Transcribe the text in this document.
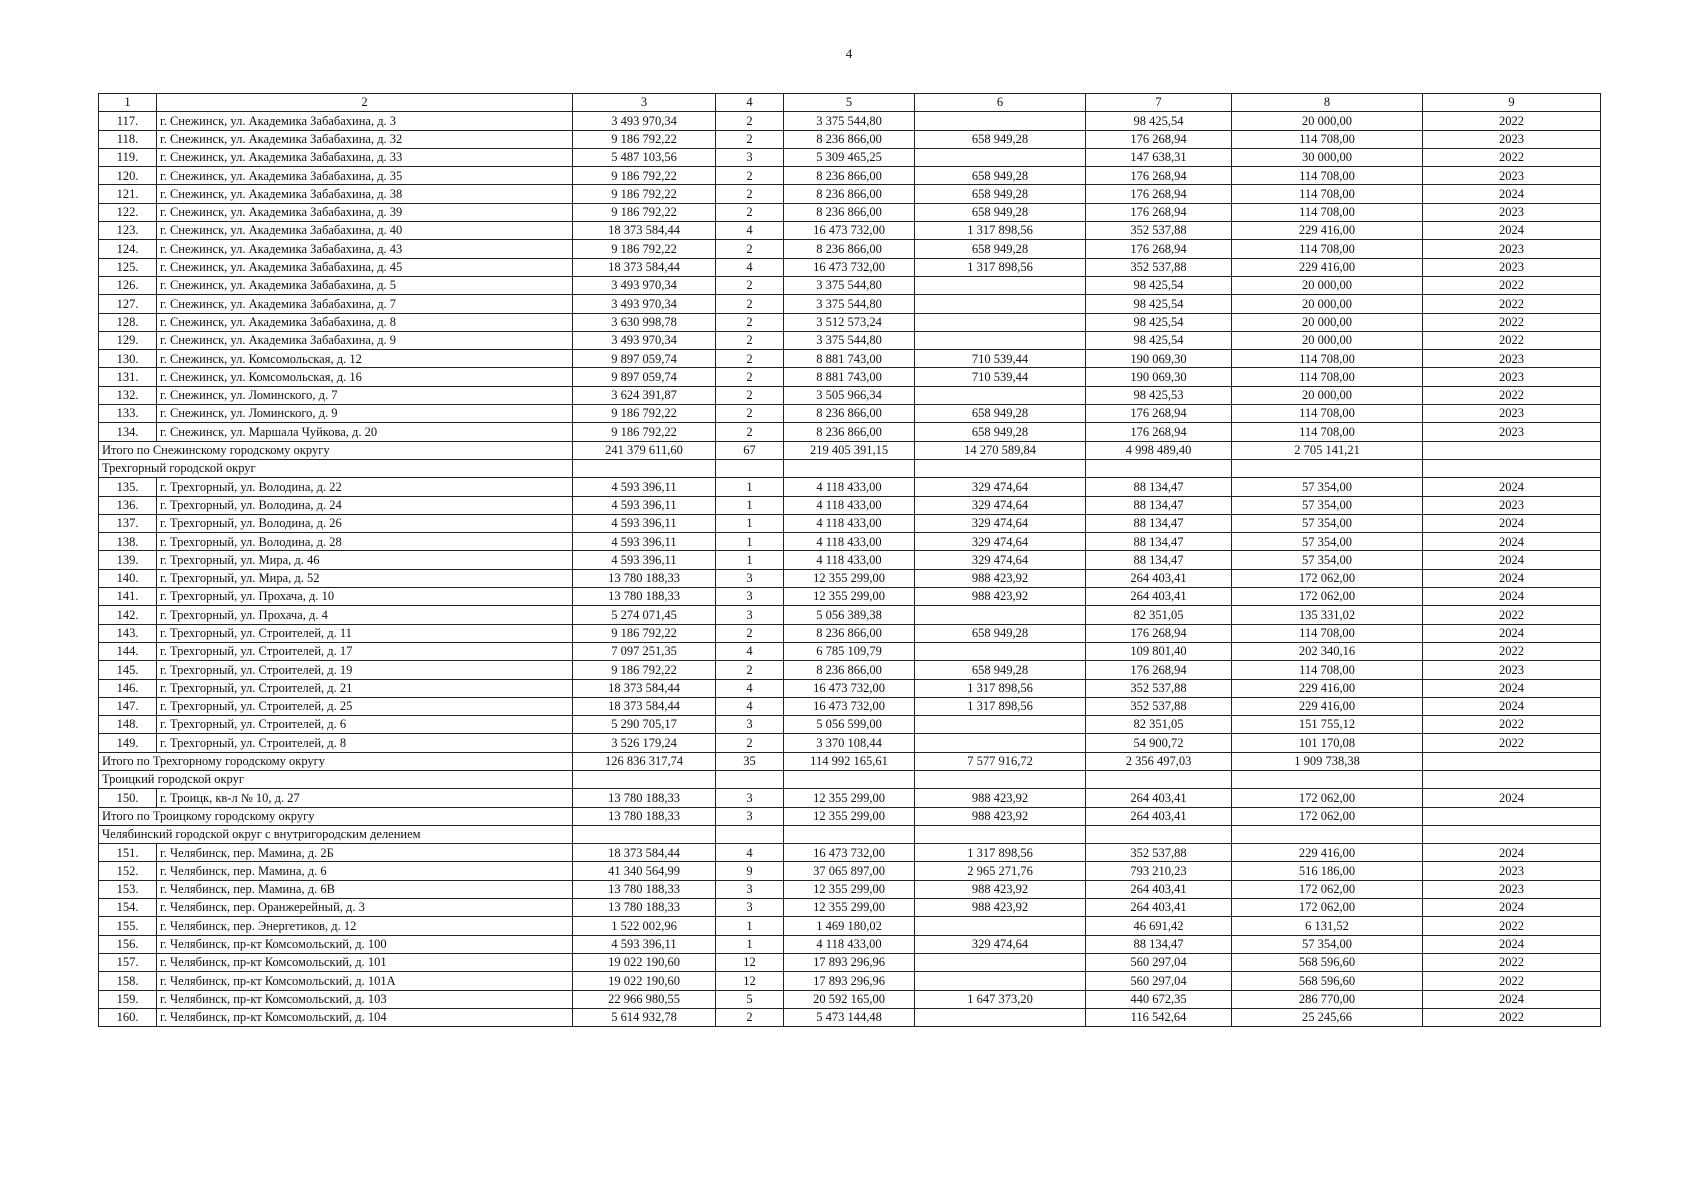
4
1	2	3	4	5	6	7	8	9
117.	г. Снежинск, ул. Академика Забабахина, д. 3	3 493 970,34	2	3 375 544,80		98 425,54	20 000,00	2022
118.	г. Снежинск, ул. Академика Забабахина, д. 32	9 186 792,22	2	8 236 866,00	658 949,28	176 268,94	114 708,00	2023
119.	г. Снежинск, ул. Академика Забабахина, д. 33	5 487 103,56	3	5 309 465,25		147 638,31	30 000,00	2022
120.	г. Снежинск, ул. Академика Забабахина, д. 35	9 186 792,22	2	8 236 866,00	658 949,28	176 268,94	114 708,00	2023
121.	г. Снежинск, ул. Академика Забабахина, д. 38	9 186 792,22	2	8 236 866,00	658 949,28	176 268,94	114 708,00	2024
122.	г. Снежинск, ул. Академика Забабахина, д. 39	9 186 792,22	2	8 236 866,00	658 949,28	176 268,94	114 708,00	2023
123.	г. Снежинск, ул. Академика Забабахина, д. 40	18 373 584,44	4	16 473 732,00	1 317 898,56	352 537,88	229 416,00	2024
124.	г. Снежинск, ул. Академика Забабахина, д. 43	9 186 792,22	2	8 236 866,00	658 949,28	176 268,94	114 708,00	2023
125.	г. Снежинск, ул. Академика Забабахина, д. 45	18 373 584,44	4	16 473 732,00	1 317 898,56	352 537,88	229 416,00	2023
126.	г. Снежинск, ул. Академика Забабахина, д. 5	3 493 970,34	2	3 375 544,80		98 425,54	20 000,00	2022
127.	г. Снежинск, ул. Академика Забабахина, д. 7	3 493 970,34	2	3 375 544,80		98 425,54	20 000,00	2022
128.	г. Снежинск, ул. Академика Забабахина, д. 8	3 630 998,78	2	3 512 573,24		98 425,54	20 000,00	2022
129.	г. Снежинск, ул. Академика Забабахина, д. 9	3 493 970,34	2	3 375 544,80		98 425,54	20 000,00	2022
130.	г. Снежинск, ул. Комсомольская, д. 12	9 897 059,74	2	8 881 743,00	710 539,44	190 069,30	114 708,00	2023
131.	г. Снежинск, ул. Комсомольская, д. 16	9 897 059,74	2	8 881 743,00	710 539,44	190 069,30	114 708,00	2023
132.	г. Снежинск, ул. Ломинского, д. 7	3 624 391,87	2	3 505 966,34		98 425,53	20 000,00	2022
133.	г. Снежинск, ул. Ломинского, д. 9	9 186 792,22	2	8 236 866,00	658 949,28	176 268,94	114 708,00	2023
134.	г. Снежинск, ул. Маршала Чуйкова, д. 20	9 186 792,22	2	8 236 866,00	658 949,28	176 268,94	114 708,00	2023
Итого по Снежинскому городскому округу		241 379 611,60	67	219 405 391,15	14 270 589,84	4 998 489,40	2 705 141,21	
Трехгорный городской округ								
135.	г. Трехгорный, ул. Володина, д. 22	4 593 396,11	1	4 118 433,00	329 474,64	88 134,47	57 354,00	2024
136.	г. Трехгорный, ул. Володина, д. 24	4 593 396,11	1	4 118 433,00	329 474,64	88 134,47	57 354,00	2023
137.	г. Трехгорный, ул. Володина, д. 26	4 593 396,11	1	4 118 433,00	329 474,64	88 134,47	57 354,00	2024
138.	г. Трехгорный, ул. Володина, д. 28	4 593 396,11	1	4 118 433,00	329 474,64	88 134,47	57 354,00	2024
139.	г. Трехгорный, ул. Мира, д. 46	4 593 396,11	1	4 118 433,00	329 474,64	88 134,47	57 354,00	2024
140.	г. Трехгорный, ул. Мира, д. 52	13 780 188,33	3	12 355 299,00	988 423,92	264 403,41	172 062,00	2024
141.	г. Трехгорный, ул. Прохача, д. 10	13 780 188,33	3	12 355 299,00	988 423,92	264 403,41	172 062,00	2024
142.	г. Трехгорный, ул. Прохача, д. 4	5 274 071,45	3	5 056 389,38		82 351,05	135 331,02	2022
143.	г. Трехгорный, ул. Строителей, д. 11	9 186 792,22	2	8 236 866,00	658 949,28	176 268,94	114 708,00	2024
144.	г. Трехгорный, ул. Строителей, д. 17	7 097 251,35	4	6 785 109,79		109 801,40	202 340,16	2022
145.	г. Трехгорный, ул. Строителей, д. 19	9 186 792,22	2	8 236 866,00	658 949,28	176 268,94	114 708,00	2023
146.	г. Трехгорный, ул. Строителей, д. 21	18 373 584,44	4	16 473 732,00	1 317 898,56	352 537,88	229 416,00	2024
147.	г. Трехгорный, ул. Строителей, д. 25	18 373 584,44	4	16 473 732,00	1 317 898,56	352 537,88	229 416,00	2024
148.	г. Трехгорный, ул. Строителей, д. 6	5 290 705,17	3	5 056 599,00		82 351,05	151 755,12	2022
149.	г. Трехгорный, ул. Строителей, д. 8	3 526 179,24	2	3 370 108,44		54 900,72	101 170,08	2022
Итого по Трехгорному городскому округу		126 836 317,74	35	114 992 165,61	7 577 916,72	2 356 497,03	1 909 738,38	
Троицкий городской округ								
150.	г. Троицк, кв-л № 10, д. 27	13 780 188,33	3	12 355 299,00	988 423,92	264 403,41	172 062,00	2024
Итого по Троицкому городскому округу		13 780 188,33	3	12 355 299,00	988 423,92	264 403,41	172 062,00	
Челябинский городской округ с внутригородским делением								
151.	г. Челябинск, пер. Мамина, д. 2Б	18 373 584,44	4	16 473 732,00	1 317 898,56	352 537,88	229 416,00	2024
152.	г. Челябинск, пер. Мамина, д. 6	41 340 564,99	9	37 065 897,00	2 965 271,76	793 210,23	516 186,00	2023
153.	г. Челябинск, пер. Мамина, д. 6В	13 780 188,33	3	12 355 299,00	988 423,92	264 403,41	172 062,00	2023
154.	г. Челябинск, пер. Оранжерейный, д. 3	13 780 188,33	3	12 355 299,00	988 423,92	264 403,41	172 062,00	2024
155.	г. Челябинск, пер. Энергетиков, д. 12	1 522 002,96	1	1 469 180,02		46 691,42	6 131,52	2022
156.	г. Челябинск, пр-кт Комсомольский, д. 100	4 593 396,11	1	4 118 433,00	329 474,64	88 134,47	57 354,00	2024
157.	г. Челябинск, пр-кт Комсомольский, д. 101	19 022 190,60	12	17 893 296,96		560 297,04	568 596,60	2022
158.	г. Челябинск, пр-кт Комсомольский, д. 101А	19 022 190,60	12	17 893 296,96		560 297,04	568 596,60	2022
159.	г. Челябинск, пр-кт Комсомольский, д. 103	22 966 980,55	5	20 592 165,00	1 647 373,20	440 672,35	286 770,00	2024
160.	г. Челябинск, пр-кт Комсомольский, д. 104	5 614 932,78	2	5 473 144,48		116 542,64	25 245,66	2022
